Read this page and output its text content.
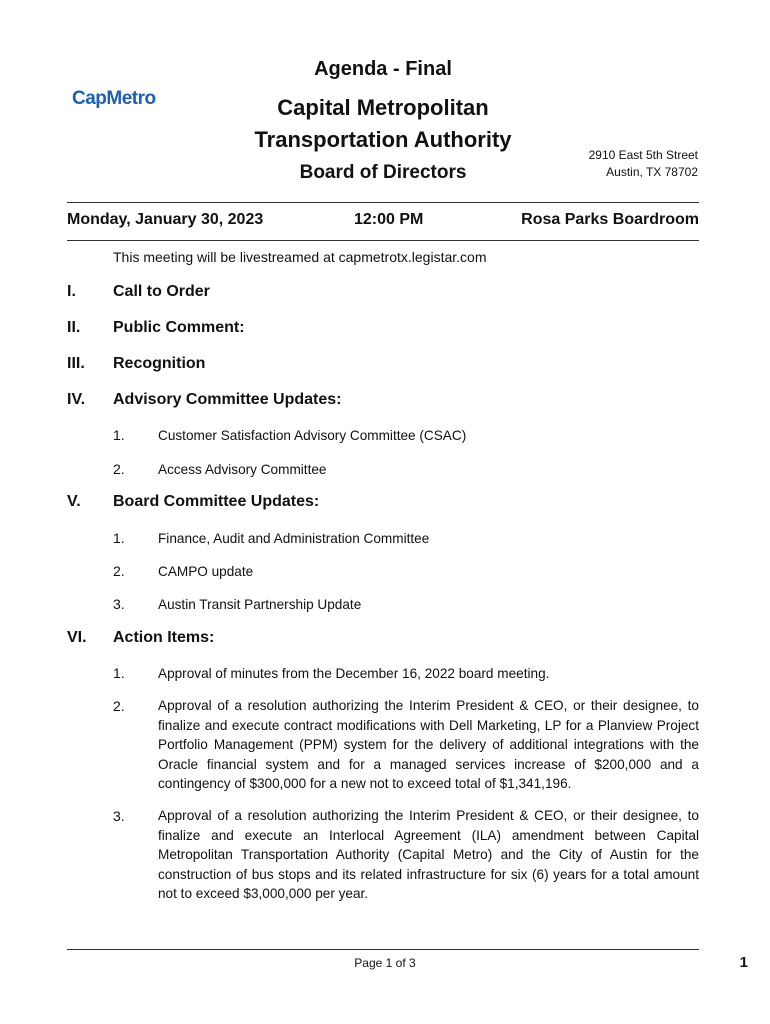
CapMetro
Agenda - Final
Capital Metropolitan
Transportation Authority
Board of Directors
2910 East 5th Street
Austin, TX 78702
Monday, January 30, 2023	12:00 PM	Rosa Parks Boardroom
This meeting will be livestreamed at capmetrotx.legistar.com
I. Call to Order
II. Public Comment:
III. Recognition
IV. Advisory Committee Updates:
1. Customer Satisfaction Advisory Committee (CSAC)
2. Access Advisory Committee
V. Board Committee Updates:
1. Finance, Audit and Administration Committee
2. CAMPO update
3. Austin Transit Partnership Update
VI. Action Items:
1. Approval of minutes from the December 16, 2022 board meeting.
2. Approval of a resolution authorizing the Interim President & CEO, or their designee, to finalize and execute contract modifications with Dell Marketing, LP for a Planview Project Portfolio Management (PPM) system for the delivery of additional integrations with the Oracle financial system and for a managed services increase of $200,000 and a contingency of $300,000 for a new not to exceed total of $1,341,196.
3. Approval of a resolution authorizing the Interim President & CEO, or their designee, to finalize and execute an Interlocal Agreement (ILA) amendment between Capital Metropolitan Transportation Authority (Capital Metro) and the City of Austin for the construction of bus stops and its related infrastructure for six (6) years for a total amount not to exceed $3,000,000 per year.
Page 1 of 3	1
